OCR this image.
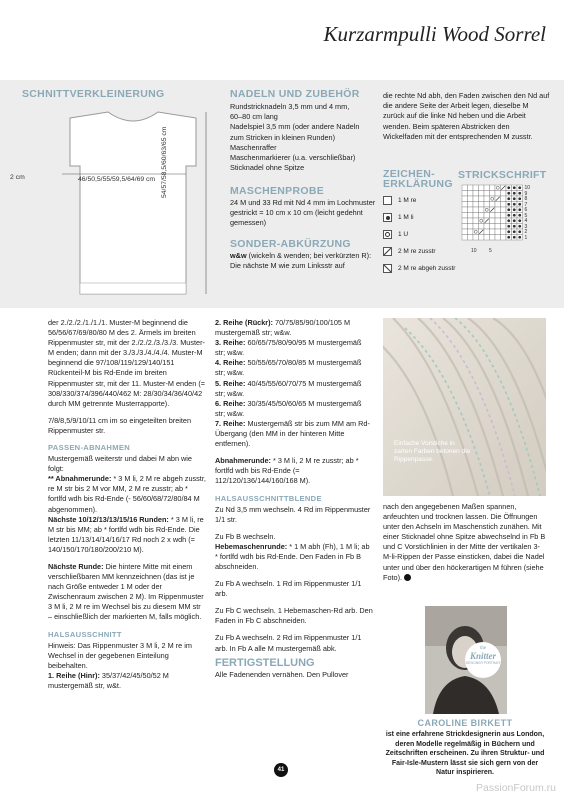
Kurzarmpulli Wood Sorrel
SCHNITTVERKLEINERUNG
2 cm	46/50,5/55/59,5/64/69 cm 54/57/58,5/60/63/65 cm
NADELN UND ZUBEHÖR
Rundstricknadeln 3,5 mm und 4 mm,
60–80 cm lang
Nadelspiel 3,5 mm (oder andere Nadeln
zum Stricken in kleinen Runden)
Maschenraffer
Maschenmarkierer (u.a. verschließbar)
Sticknadel ohne Spitze
MASCHENPROBE
24 M und 33 Rd mit Nd 4 mm im Lochmuster gestrickt = 10 cm x 10 cm (leicht gedehnt gemessen)
SONDER-ABKÜRZUNG
w&w (wickeln & wenden; bei verkürzten R): Die nächste M wie zum Linksstr auf
die rechte Nd abh, den Faden zwischen den Nd auf die andere Seite der Arbeit legen, dieselbe M zurück auf die linke Nd heben und die Arbeit wenden. Beim späteren Abstricken den Wickelfaden mit der entsprechenden M zusstr.
ZEICHEN-
ERKLÄRUNG
STRICKSCHRIFT
1 M re
1 M li
1 U
2 M re zusstr
2 M re abgeh zusstr
10
9
8
7
6
5
4
3
2
1
10 5
der 2./2./2./1./1./1. Muster-M beginnend die 56/56/67/69/80/80 M des 2. Ärmels im breiten Rippenmuster str, mit der 2./2./2./3./3./3. Muster-M enden; dann mit der 3./3./3./4./4./4. Muster-M beginnend die 97/108/119/129/140/151 Rückenteil-M bis Rd-Ende im breiten Rippenmuster str, mit der 11. Muster-M enden (= 308/330/374/396/440/462 M: 28/30/34/36/40/42 durch MM getrennte Musterrapporte).
7/8/8,5/9/10/11 cm im so eingeteilten breiten Rippenmuster str.
PASSEN-ABNAHMEN
Mustergemäß weiterstr und dabei M abn wie folgt:
** Abnahmerunde: * 3 M li, 2 M re abgeh zusstr, re M str bis 2 M vor MM, 2 M re zusstr; ab * fortlfd wdh bis Rd-Ende (- 56/60/68/72/80/84 M abgenommen).
Nächste 10/12/13/13/15/16 Runden: * 3 M li, re M str bis MM; ab * fortlfd wdh bis Rd-Ende. Die letzten 11/13/14/14/16/17 Rd noch 2 x wdh (= 140/150/170/180/200/210 M).
Nächste Runde: Die hintere Mitte mit einem verschließbaren MM kennzeichnen (das ist je nach Größe entweder 1 M oder der Zwischenraum zwischen 2 M). Im Rippenmuster 3 M li, 2 M re im Wechsel bis zu diesem MM str – einschließlich der markierten M, falls möglich.
HALSAUSSCHNITT
Hinweis: Das Rippenmuster 3 M li, 2 M re im Wechsel in der gegebenen Einteilung beibehalten.
1. Reihe (Hinr): 35/37/42/45/50/52 M mustergemäß str, w&t.
2. Reihe (Rückr): 70/75/85/90/100/105 M mustergemäß str; w&w.
3. Reihe: 60/65/75/80/90/95 M mustergemäß str; w&w.
4. Reihe: 50/55/65/70/80/85 M mustergemäß str; w&w.
5. Reihe: 40/45/55/60/70/75 M mustergemäß str; w&w.
6. Reihe: 30/35/45/50/60/65 M mustergemäß str; w&w.
7. Reihe: Mustergemäß str bis zum MM am Rd-Übergang (den MM in der hinteren Mitte entfernen).
Abnahmerunde: * 3 M li, 2 M re zusstr; ab * fortlfd wdh bis Rd-Ende (= 112/120/136/144/160/168 M).
HALSAUSSCHNITTBLENDE
Zu Nd 3,5 mm wechseln. 4 Rd im Rippenmuster 1/1 str.
Zu Fb B wechseln.
Hebemaschenrunde: * 1 M abh (Fh), 1 M li; ab * fortlfd wdh bis Rd-Ende. Den Faden in Fb B abschneiden.
Zu Fb A wechseln. 1 Rd im Rippenmuster 1/1 arb.
Zu Fb C wechseln. 1 Hebemaschen-Rd arb. Den Faden in Fb C abschneiden.
Zu Fb A wechseln. 2 Rd im Rippenmuster 1/1 arb. In Fb A alle M mustergemäß abk.
FERTIGSTELLUNG
Alle Fadenenden vernähen. Den Pullover
Einfache Vorstiche in zarten Farben betonen die Rippenpasse.
nach den angegebenen Maßen spannen, anfeuchten und trocknen lassen. Die Öffnungen unter den Achseln im Maschenstich zunähen. Mit einer Sticknadel ohne Spitze abwechselnd in Fb B und C Vorstichlinien in der Mitte der vertikalen 3-M-li-Rippen der Passe einsticken, dabei die Nadel unter und über den höckerartigen M führen (siehe Foto).
the
Knitter
DESIGNER PORTRAIT
CAROLINE BIRKETT
ist eine erfahrene Strickdesignerin aus London, deren Modelle regelmäßig in Büchern und Zeitschriften erscheinen. Zu ihren Struktur- und Fair-Isle-Mustern lässt sie sich gern von der Natur inspirieren.
41
PassionForum.ru
